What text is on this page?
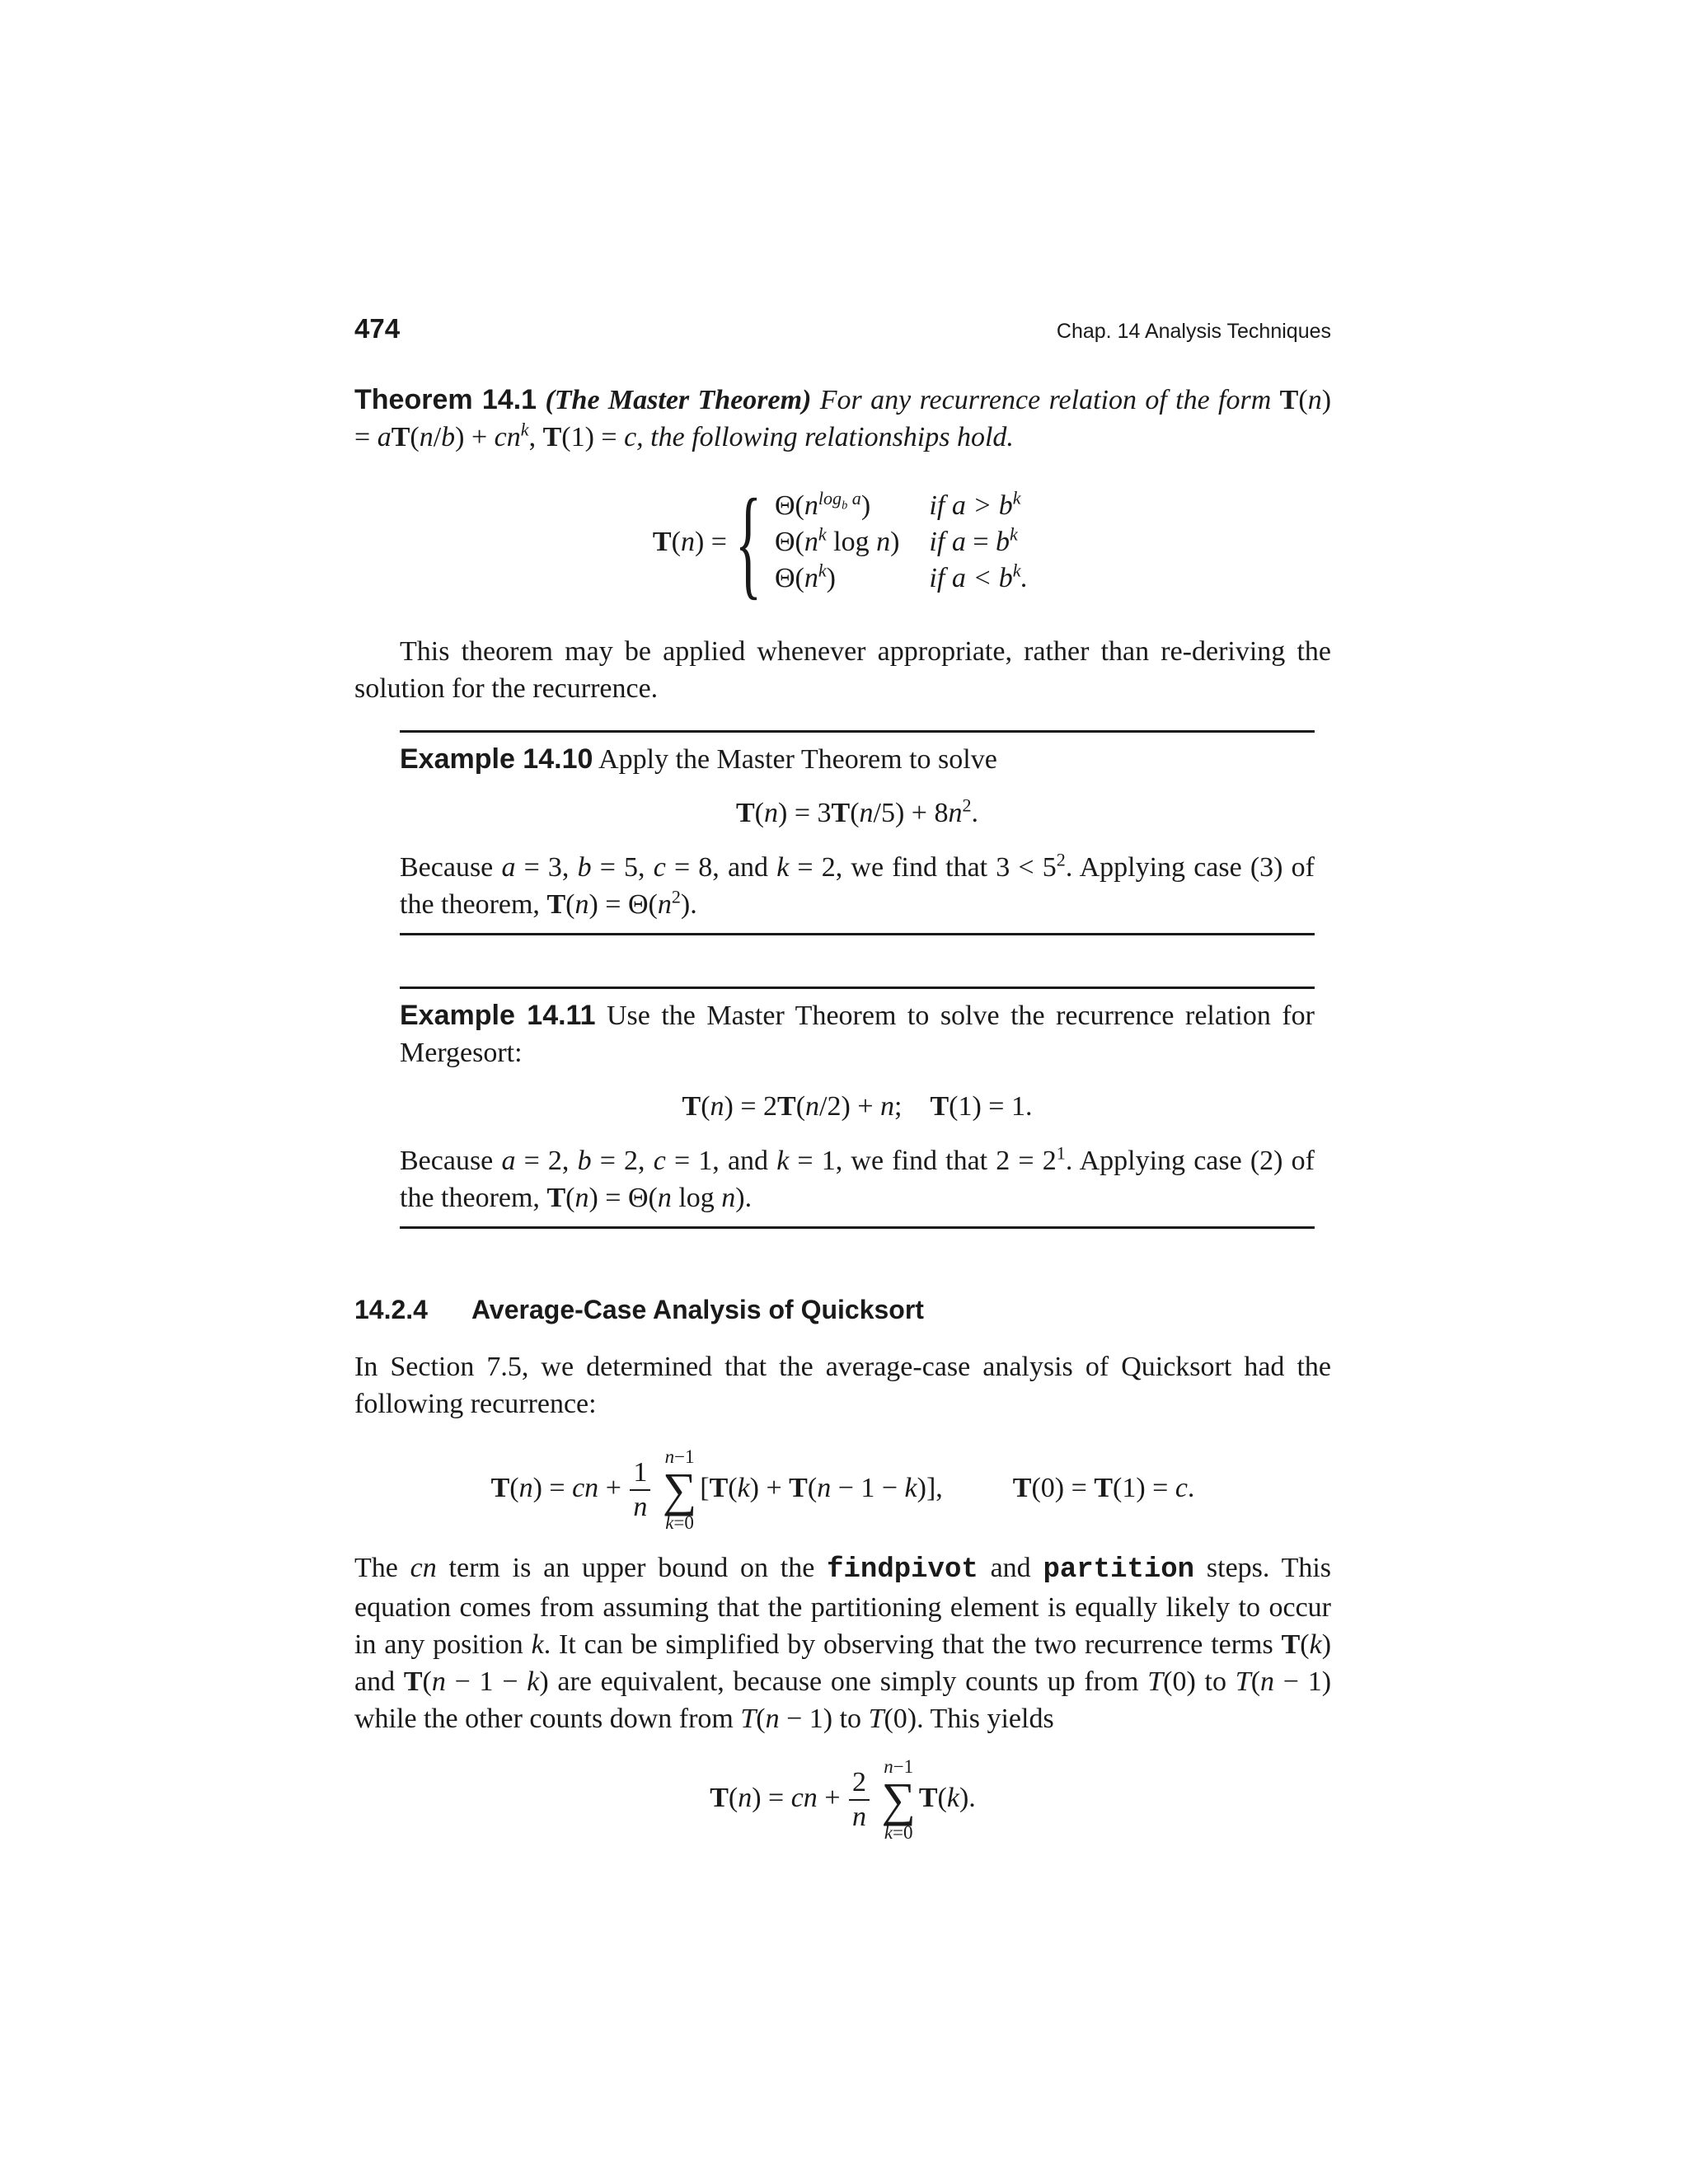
474	Chap. 14 Analysis Techniques

Theorem 14.1 (The Master Theorem) For any recurrence relation of the form $T(n) = aT(n/b) + cn^k$, T(1) = c, the following relationships hold.

T(n) = { $\Theta(n^{log_b a})$	if $a > b^k$
$\Theta(n^k$ log n)	if $a = b^k$
$\Theta(n^k)$	if $a < b^k$.

This theorem may be applied whenever appropriate, rather than re-deriving the solution for the recurrence.

Example 14.10 Apply the Master Theorem to solve

$T(n) = 3T(n/5) + 8n^2$.

Because a = 3, b = 5, c = 8, and k = 2, we find that $3 < 5^2$. Applying case (3) of the theorem, $T(n) = \Theta(n^2)$.

Example 14.11 Use the Master Theorem to solve the recurrence relation for Mergesort:

T(n) = 2T(n/2) + n;    T(1) = 1.

Because a = 2, b = 2, c = 1, and k = 1, we find that $2 = 2^1$. Applying case (2) of the theorem, T(n) = Θ(n log n).

14.2.4 Average-Case Analysis of Quicksort

In Section 7.5, we determined that the average-case analysis of Quicksort had the following recurrence:

T(n) = cn + $\frac{1}{n}$
n−1
∑
k=0
[T(k) + T(n − 1 − k)],	T(0) = T(1) = c.

The cn term is an upper bound on the findpivot and partition steps. This equation comes from assuming that the partitioning element is equally likely to occur in any position k. It can be simplified by observing that the two recurrence terms T(k) and T(n − 1 − k) are equivalent, because one simply counts up from T(0) to T(n − 1) while the other counts down from T(n − 1) to T(0). This yields

T(n) = cn + $\frac{2}{n}$
n−1
∑
k=0
T(k).
